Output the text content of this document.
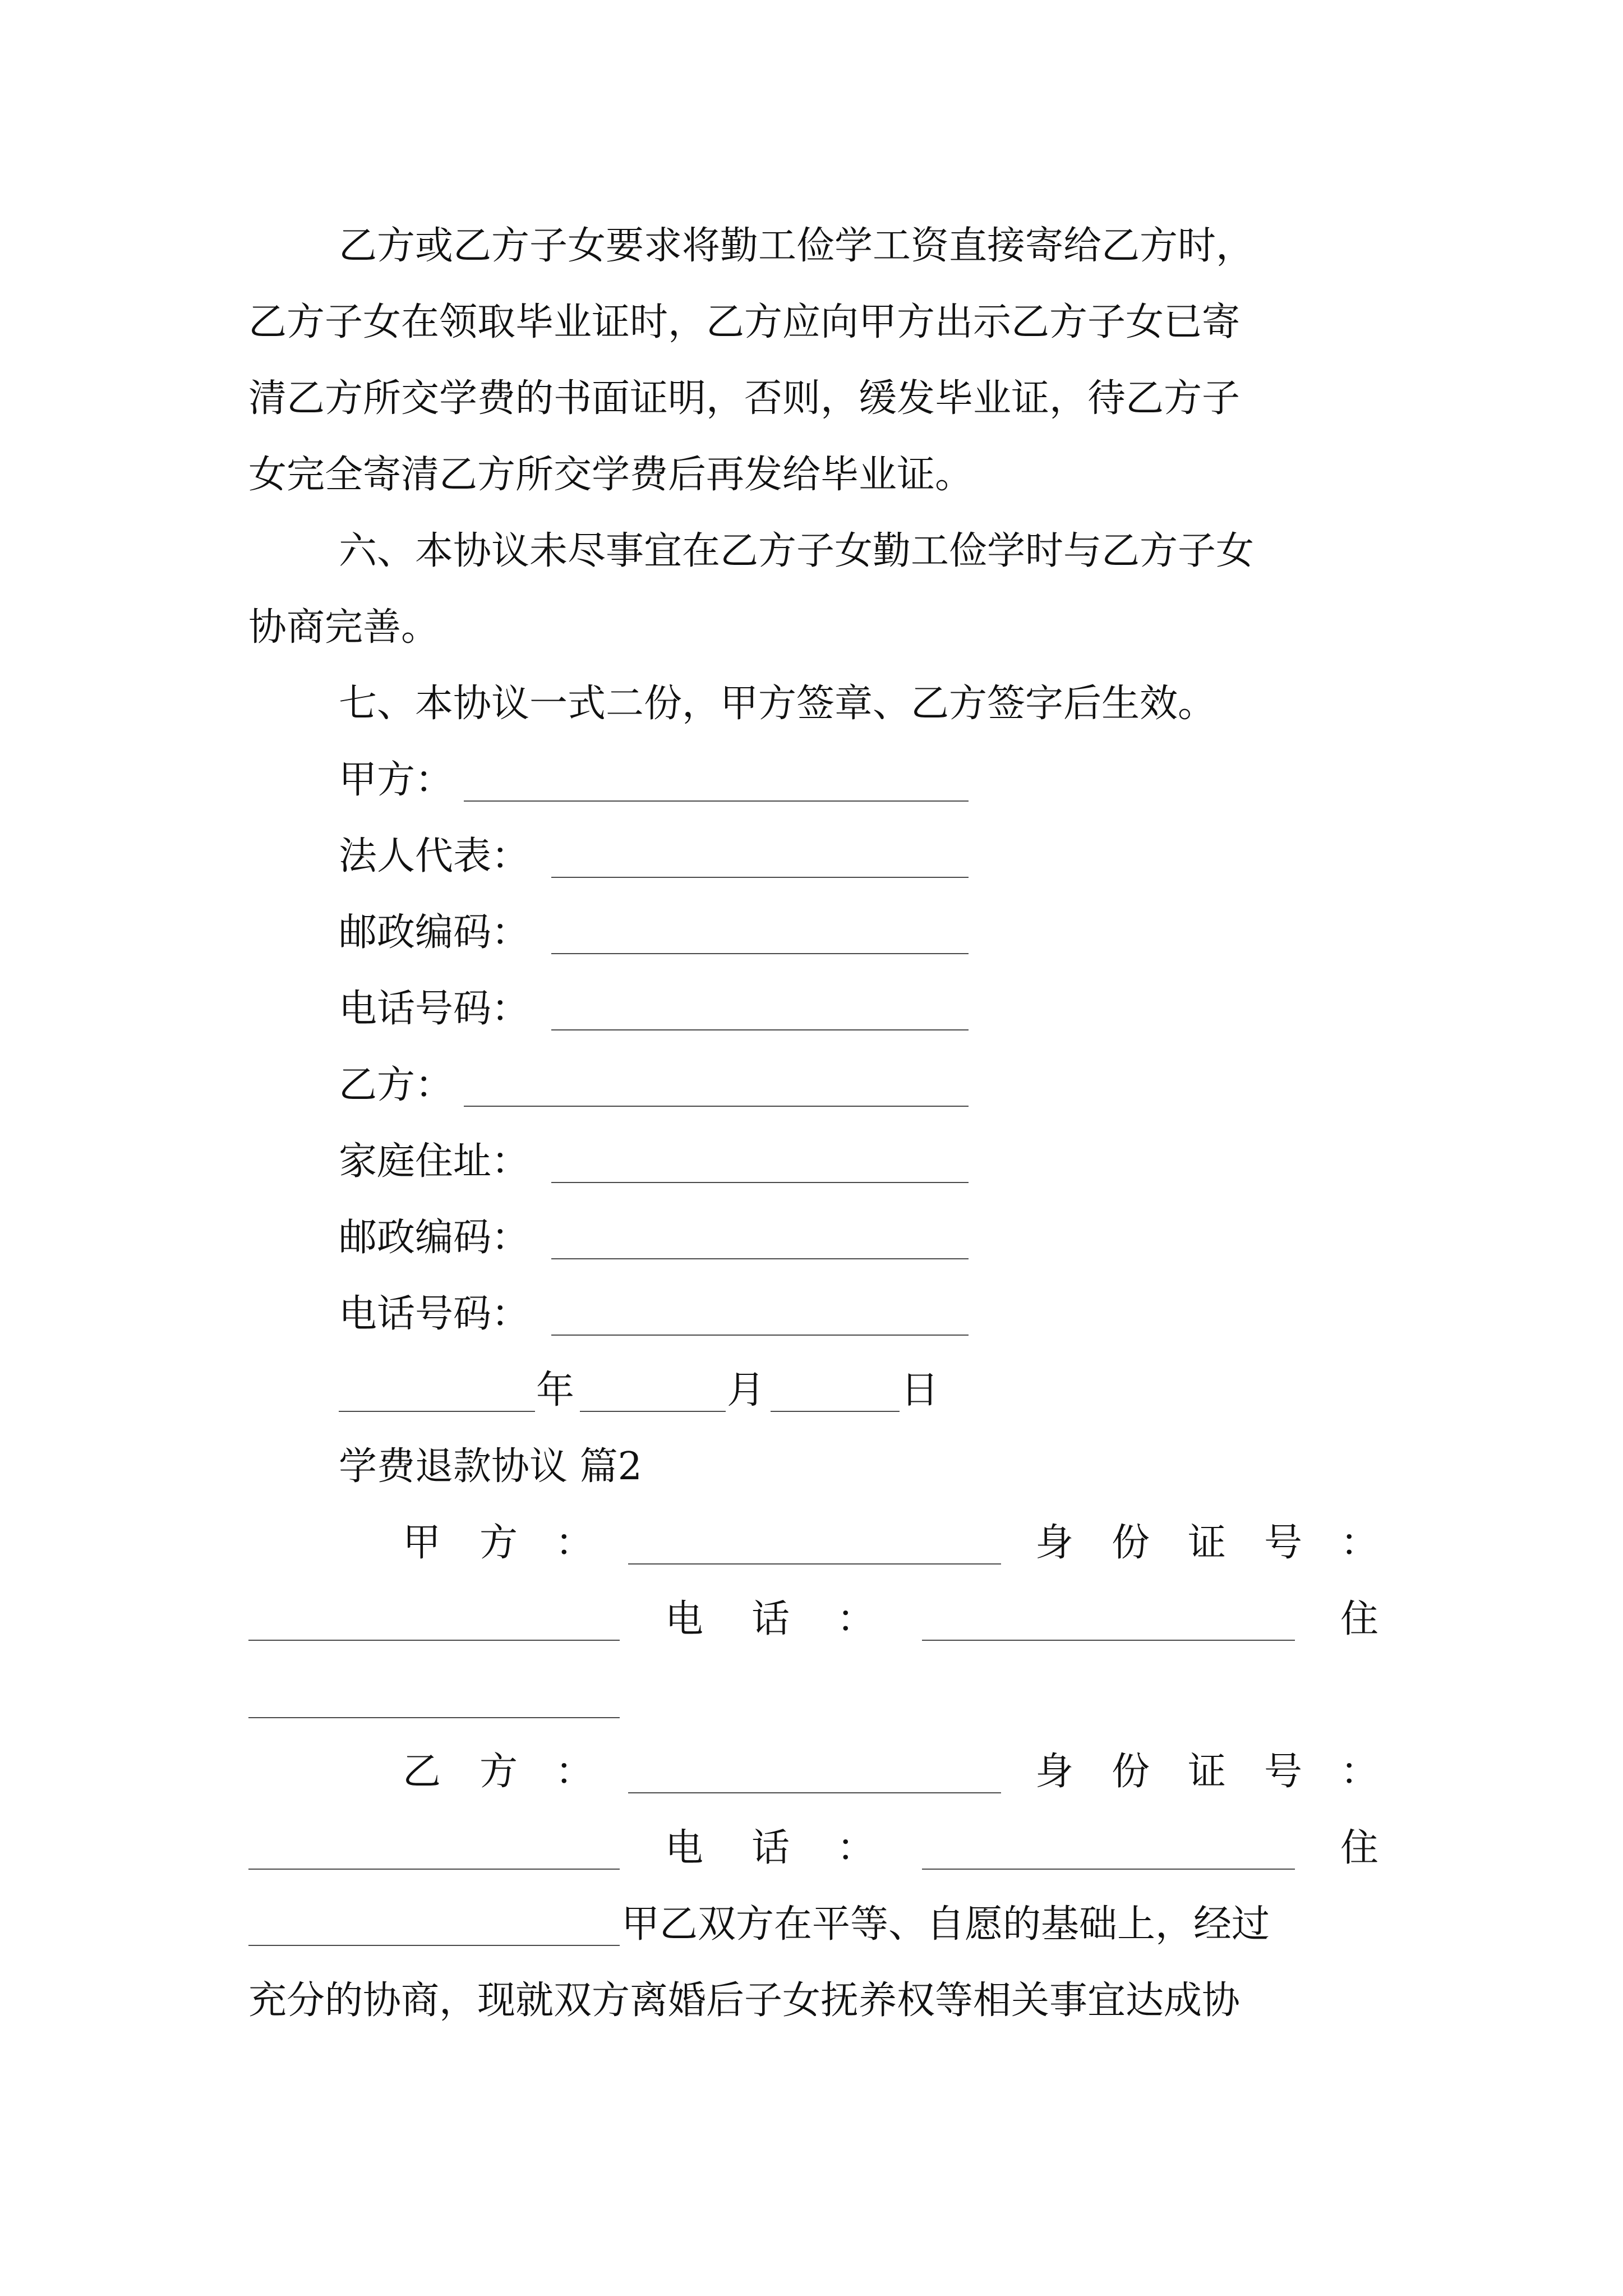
乙方或乙方子女要求将勤工俭学工资直接寄给乙方时，
乙方子女在领取毕业证时，乙方应向甲方出示乙方子女已寄
清乙方所交学费的书面证明，否则，缓发毕业证，待乙方子
女完全寄清乙方所交学费后再发给毕业证。
六、本协议未尽事宜在乙方子女勤工俭学时与乙方子女
协商完善。
七、本协议一式二份，甲方签章、乙方签字后生效。
甲方：
法人代表：
邮政编码：
电话号码：
乙方：
家庭住址：
邮政编码：
电话号码：
年	月	日
学费退款协议 篇2
甲 方 ：	身 份 证 号 ：
电 话 ：	住
乙 方 ：	身 份 证 号 ：
电 话 ：	住
甲乙双方在平等、自愿的基础上，经过
充分的协商，现就双方离婚后子女抚养权等相关事宜达成协
